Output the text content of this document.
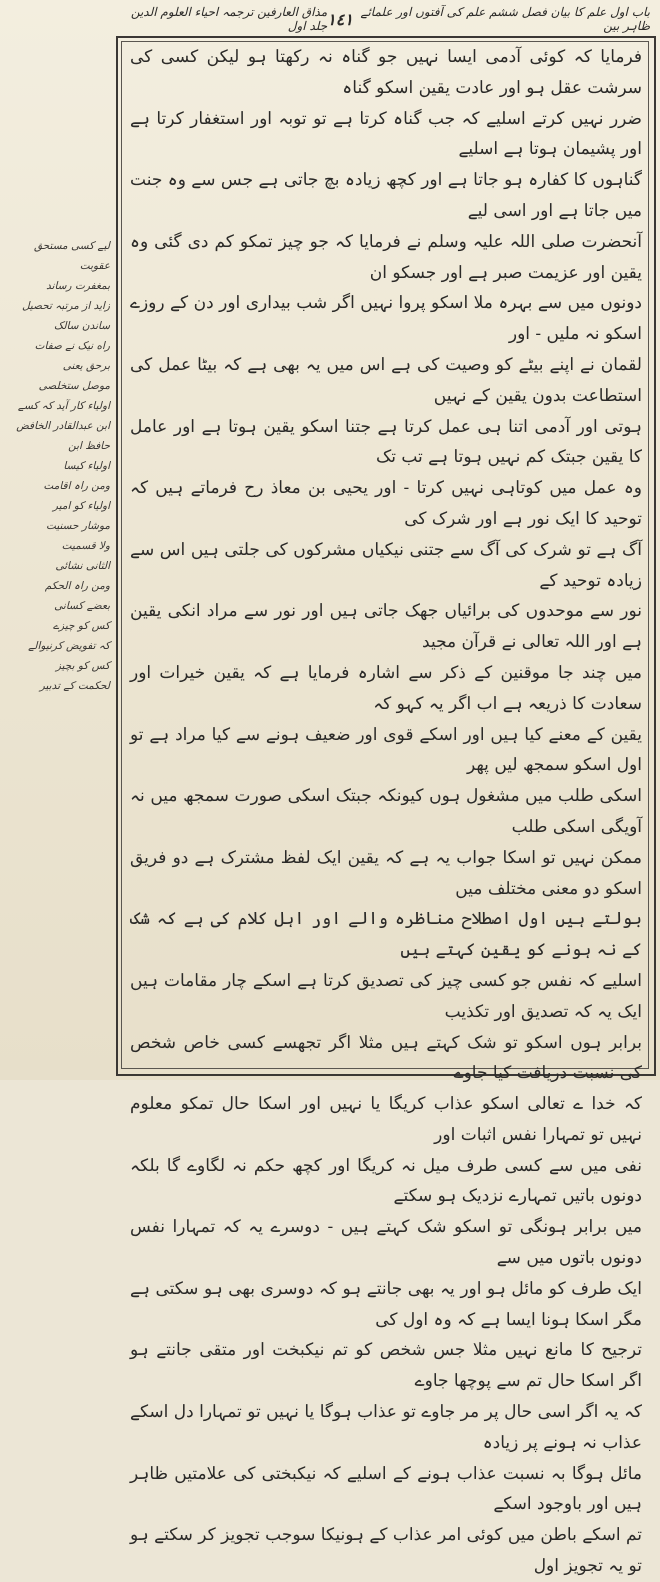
باب اول علم کا بیان فصل ششم علم کی آفتوں اور علمائے ظاہر بین
١٤١
مذاق العارفین ترجمہ احیاء العلوم الدین جلد اول

فرمایا کہ کوئی آدمی ایسا نہیں جو گناہ نہ رکھتا ہو لیکن کسی کی سرشت عقل ہو اور عادت یقین اسکو گناہ

ضرر نہیں کرتے اسلیے کہ جب گناہ کرتا ہے تو توبہ اور استغفار کرتا ہے اور پشیمان ہوتا ہے اسلیے

گناہوں کا کفارہ ہو جاتا ہے اور کچھ زیادہ بچ جاتی ہے جس سے وہ جنت میں جاتا ہے اور اسی لیے

آنحضرت صلی اللہ علیہ وسلم نے فرمایا کہ جو چیز تمکو کم دی گئی وہ یقین اور عزیمت صبر ہے اور جسکو ان

دونوں میں سے بہرہ ملا اسکو پروا نہیں اگر شب بیداری اور دن کے روزے اسکو نہ ملیں - اور

لقمان نے اپنے بیٹے کو وصیت کی ہے اس میں یہ بھی ہے کہ بیٹا عمل کی استطاعت بدون یقین کے نہیں

ہوتی اور آدمی اتنا ہی عمل کرتا ہے جتنا اسکو یقین ہوتا ہے اور عامل کا یقین جبتک کم نہیں ہوتا ہے تب تک

وہ عمل میں کوتاہی نہیں کرتا - اور یحیی بن معاذ رح فرماتے ہیں کہ توحید کا ایک نور ہے اور شرک کی

آگ ہے تو شرک کی آگ سے جتنی نیکیاں مشرکوں کی جلتی ہیں اس سے زیادہ توحید کے

نور سے موحدوں کی برائیاں جھک جاتی ہیں اور نور سے مراد انکی یقین ہے اور اللہ تعالی نے قرآن مجید

میں چند جا موقنین کے ذکر سے اشارہ فرمایا ہے کہ یقین خیرات اور سعادت کا ذریعہ ہے اب اگر یہ کہو کہ

یقین کے معنے کیا ہیں اور اسکے قوی اور ضعیف ہونے سے کیا مراد ہے تو اول اسکو سمجھ لیں پھر

اسکی طلب میں مشغول ہوں کیونکہ جبتک اسکی صورت سمجھ میں نہ آویگی اسکی طلب

ممکن نہیں تو اسکا جواب یہ ہے کہ یقین ایک لفظ مشترک ہے دو فریق اسکو دو معنی مختلف میں

بولتے ہیں اول اصطلاح مناظرہ والے اور اہل کلام کی ہے کہ شک کے نہ ہونے کو یقین کہتے ہیں

اسلیے کہ نفس جو کسی چیز کی تصدیق کرتا ہے اسکے چار مقامات ہیں ایک یہ کہ تصدیق اور تکذیب

برابر ہوں اسکو تو شک کہتے ہیں مثلا اگر تجھسے کسی خاص شخص کی نسبت دریافت کیا جاوے

کہ خدا ے تعالی اسکو عذاب کریگا یا نہیں اور اسکا حال تمکو معلوم نہیں تو تمہارا نفس اثبات اور

نفی میں سے کسی طرف میل نہ کریگا اور کچھ حکم نہ لگاوے گا بلکہ دونوں باتیں تمہارے نزدیک ہو سکتے

میں برابر ہونگی تو اسکو شک کہتے ہیں - دوسرے یہ کہ تمہارا نفس دونوں باتوں میں سے

ایک طرف کو مائل ہو اور یہ بھی جانتے ہو کہ دوسری بھی ہو سکتی ہے مگر اسکا ہونا ایسا ہے کہ وہ اول کی

ترجیح کا مانع نہیں مثلا جس شخص کو تم نیکبخت اور متقی جانتے ہو اگر اسکا حال تم سے پوچھا جاوے

کہ یہ اگر اسی حال پر مر جاوے تو عذاب ہوگا یا نہیں تو تمہارا دل اسکے عذاب نہ ہونے پر زیادہ

مائل ہوگا بہ نسبت عذاب ہونے کے اسلیے کہ نیکبختی کی علامتیں ظاہر ہیں اور باوجود اسکے

تم اسکے باطن میں کوئی امر عذاب کے ہونیکا سوجب تجویز کر سکتے ہو تو یہ تجویز اول

لیے کسی مستحق عقوبت
بمغفرت رساند
زاید از مرتبہ تحصیل
ساندن سالک
راه نیک نے صفات
برحق یعنی
موصل ستخلصی
اولیاء کار آید کہ کسے
ابن عبدالقادر الخافض
حافظ ابن
اولیاء کیسا
ومن راہ اقامت
اولیاء کو امیر
موشار حسنیت
ولا قسمیت
الثانی نشائی
ومن راہ الحکم
بعضے کسانی
کس کو چیزے
کہ تفویض کرنیوالے
کس کو بچیز
لحکمت کے تدبیر
